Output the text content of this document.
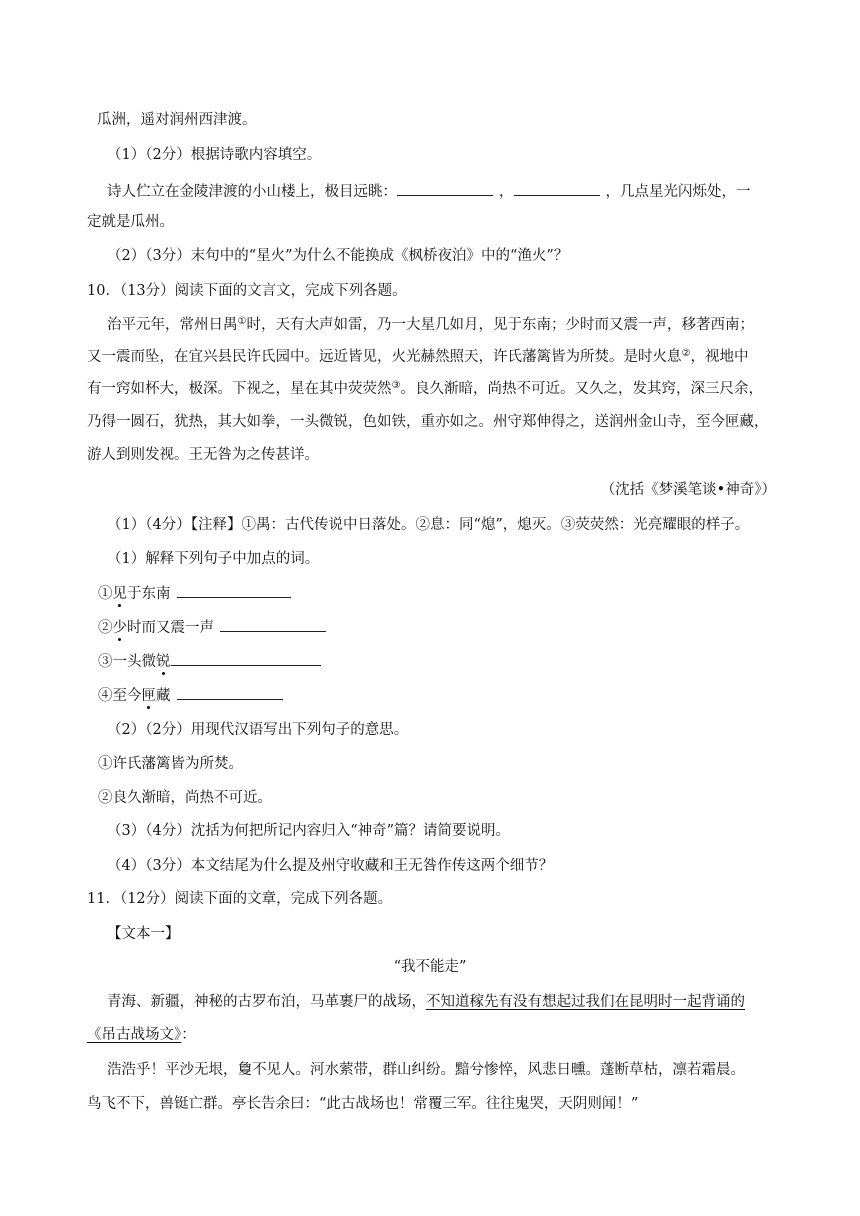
瓜洲，遥对润州西津渡。
（1）（2分）根据诗歌内容填空。
诗人伫立在金陵津渡的小山楼上，极目远眺：	，	，几点星光闪烁处，一
定就是瓜州。
（2）（3分）末句中的“星火”为什么不能换成《枫桥夜泊》中的“渔火”？
10．（13分）阅读下面的文言文，完成下列各题。
治平元年，常州日禺①时，天有大声如雷，乃一大星几如月，见于东南；少时而又震一声，移著西南；
又一震而坠，在宜兴县民许氏园中。远近皆见，火光赫然照天，许氏藩篱皆为所焚。是时火息②，视地中
有一窍如杯大，极深。下视之，星在其中荧荧然③。良久渐暗，尚热不可近。又久之，发其窍，深三尺余，
乃得一圆石，犹热，其大如拳，一头微锐，色如铁，重亦如之。州守郑伸得之，送润州金山寺，至今匣藏，
游人到则发视。王无咎为之传甚详。
（沈括《梦溪笔谈•神奇》）
（1）（4分）【注释】①禺：古代传说中日落处。②息：同“熄”，熄灭。③荧荧然：光亮耀眼的样子。
（1）解释下列句子中加点的词。
①见于东南
②少时而又震一声
③一头微锐
④至今匣藏
（2）（2分）用现代汉语写出下列句子的意思。
①许氏藩篱皆为所焚。
②良久渐暗，尚热不可近。
（3）（4分）沈括为何把所记内容归入“神奇”篇？请简要说明。
（4）（3分）本文结尾为什么提及州守收藏和王无咎作传这两个细节？
11．（12分）阅读下面的文章，完成下列各题。
【文本一】
“我不能走”
青海、新疆，神秘的古罗布泊，马革裹尸的战场，不知道稼先有没有想起过我们在昆明时一起背诵的
《吊古战场文》：
浩浩乎！平沙无垠，敻不见人。河水萦带，群山纠纷。黯兮惨悴，风悲日曛。蓬断草枯，凛若霜晨。
鸟飞不下，兽铤亡群。亭长告余曰：“此古战场也！常覆三军。往往鬼哭，天阴则闻！”
